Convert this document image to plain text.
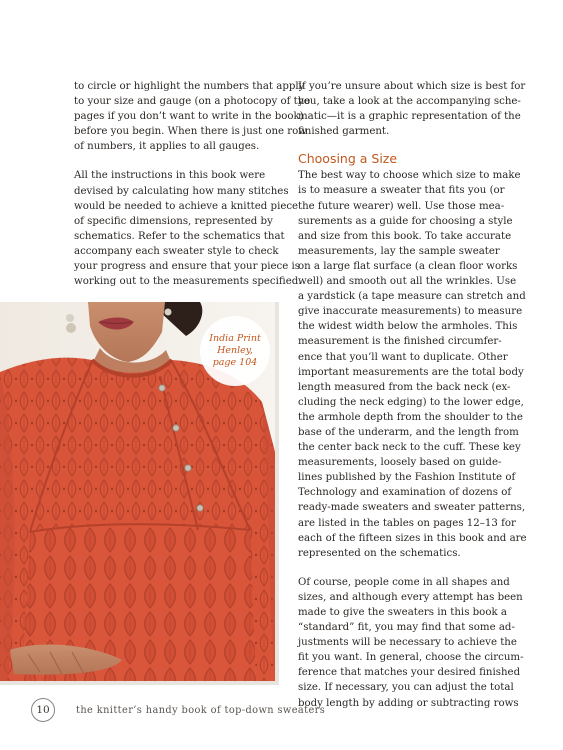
to circle or highlight the numbers that apply
to your size and gauge (on a photocopy of the
pages if you don’t want to write in the book)
before you begin. When there is just one row
of numbers, it applies to all gauges.

All the instructions in this book were
devised by calculating how many stitches
would be needed to achieve a knitted piece
of specific dimensions, represented by
schematics. Refer to the schematics that
accompany each sweater style to check
your progress and ensure that your piece is
working out to the measurements specified.

If you’re unsure about which size is best for
you, take a look at the accompanying sche-
matic—it is a graphic representation of the
finished garment.

Choosing a Size

The best way to choose which size to make
is to measure a sweater that fits you (or
the future wearer) well. Use those mea-
surements as a guide for choosing a style
and size from this book. To take accurate
measurements, lay the sample sweater
on a large flat surface (a clean floor works
well) and smooth out all the wrinkles. Use
a yardstick (a tape measure can stretch and
give inaccurate measurements) to measure
the widest width below the armholes. This
measurement is the finished circumfer-
ence that you’ll want to duplicate. Other
important measurements are the total body
length measured from the back neck (ex-
cluding the neck edging) to the lower edge,
the armhole depth from the shoulder to the
base of the underarm, and the length from
the center back neck to the cuff. These key
measurements, loosely based on guide-
lines published by the Fashion Institute of
Technology and examination of dozens of
ready-made sweaters and sweater patterns,
are listed in the tables on pages 12–13 for
each of the fifteen sizes in this book and are
represented on the schematics.

Of course, people come in all shapes and
sizes, and although every attempt has been
made to give the sweaters in this book a
“standard” fit, you may find that some ad-
justments will be necessary to achieve the
fit you want. In general, choose the circum-
ference that matches your desired finished
size. If necessary, you can adjust the total
body length by adding or subtracting rows

India Print
Henley,
page 104
10	the knitter’s handy book of top-down sweaters
